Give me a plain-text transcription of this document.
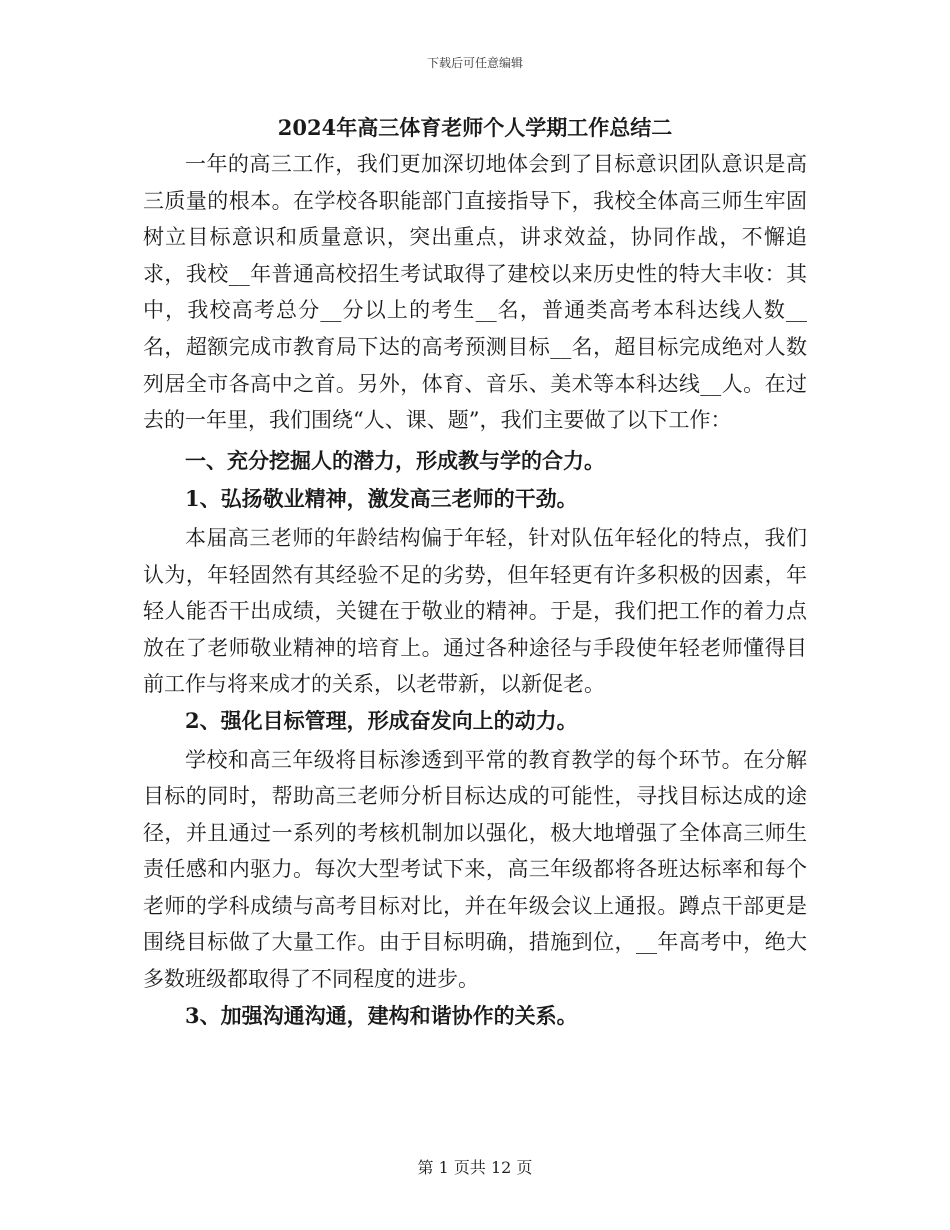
下载后可任意编辑

2024年高三体育老师个人学期工作总结二

一年的高三工作，我们更加深切地体会到了目标意识团队意识是高三质量的根本。在学校各职能部门直接指导下，我校全体高三师生牢固树立目标意识和质量意识，突出重点，讲求效益，协同作战，不懈追求，我校__年普通高校招生考试取得了建校以来历史性的特大丰收：其中，我校高考总分__分以上的考生__名，普通类高考本科达线人数__名，超额完成市教育局下达的高考预测目标__名，超目标完成绝对人数列居全市各高中之首。另外，体育、音乐、美术等本科达线__人。在过去的一年里，我们围绕“人、课、题”，我们主要做了以下工作：

一、充分挖掘人的潜力，形成教与学的合力。

1、弘扬敬业精神，激发高三老师的干劲。

本届高三老师的年龄结构偏于年轻，针对队伍年轻化的特点，我们认为，年轻固然有其经验不足的劣势，但年轻更有许多积极的因素，年轻人能否干出成绩，关键在于敬业的精神。于是，我们把工作的着力点放在了老师敬业精神的培育上。通过各种途径与手段使年轻老师懂得目前工作与将来成才的关系，以老带新，以新促老。

2、强化目标管理，形成奋发向上的动力。

学校和高三年级将目标渗透到平常的教育教学的每个环节。在分解目标的同时，帮助高三老师分析目标达成的可能性，寻找目标达成的途径，并且通过一系列的考核机制加以强化，极大地增强了全体高三师生责任感和内驱力。每次大型考试下来，高三年级都将各班达标率和每个老师的学科成绩与高考目标对比，并在年级会议上通报。蹲点干部更是围绕目标做了大量工作。由于目标明确，措施到位，__年高考中，绝大多数班级都取得了不同程度的进步。

3、加强沟通沟通，建构和谐协作的关系。

第 1 页共 12 页
